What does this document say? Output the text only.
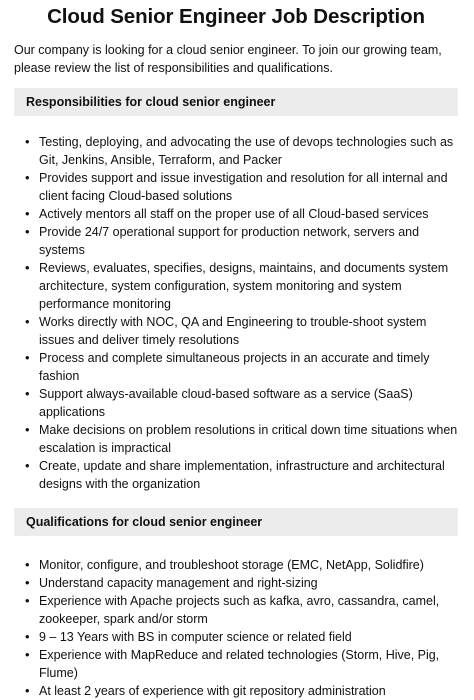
Cloud Senior Engineer Job Description

Our company is looking for a cloud senior engineer. To join our growing team, please review the list of responsibilities and qualifications.

Responsibilities for cloud senior engineer
• Testing, deploying, and advocating the use of devops technologies such as Git, Jenkins, Ansible, Terraform, and Packer
• Provides support and issue investigation and resolution for all internal and client facing Cloud-based solutions
• Actively mentors all staff on the proper use of all Cloud-based services
• Provide 24/7 operational support for production network, servers and systems
• Reviews, evaluates, specifies, designs, maintains, and documents system architecture, system configuration, system monitoring and system performance monitoring
• Works directly with NOC, QA and Engineering to trouble-shoot system issues and deliver timely resolutions
• Process and complete simultaneous projects in an accurate and timely fashion
• Support always-available cloud-based software as a service (SaaS) applications
• Make decisions on problem resolutions in critical down time situations when escalation is impractical
• Create, update and share implementation, infrastructure and architectural designs with the organization
Qualifications for cloud senior engineer
• Monitor, configure, and troubleshoot storage (EMC, NetApp, Solidfire)
• Understand capacity management and right-sizing
• Experience with Apache projects such as kafka, avro, cassandra, camel, zookeeper, spark and/or storm
• 9 – 13 Years with BS in computer science or related field
• Experience with MapReduce and related technologies (Storm, Hive, Pig, Flume)
• At least 2 years of experience with git repository administration
